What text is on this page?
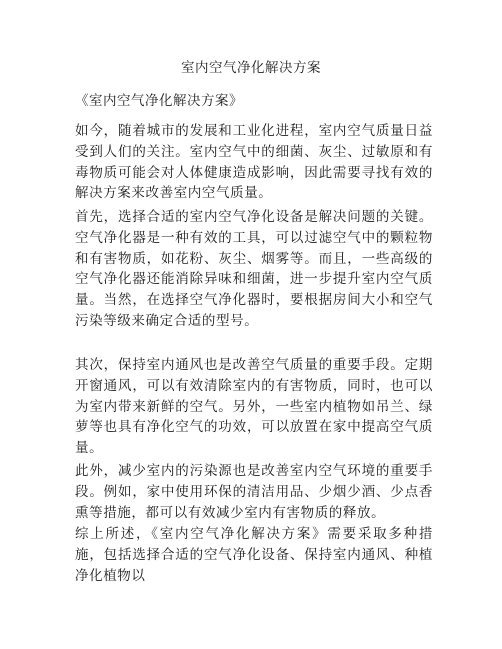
室内空气净化解决方案
《室内空气净化解决方案》

如今，随着城市的发展和工业化进程，室内空气质量日益受到人们的关注。室内空气中的细菌、灰尘、过敏原和有毒物质可能会对人体健康造成影响，因此需要寻找有效的解决方案来改善室内空气质量。

首先，选择合适的室内空气净化设备是解决问题的关键。空气净化器是一种有效的工具，可以过滤空气中的颗粒物和有害物质，如花粉、灰尘、烟雾等。而且，一些高级的空气净化器还能消除异味和细菌，进一步提升室内空气质量。当然，在选择空气净化器时，要根据房间大小和空气污染等级来确定合适的型号。

其次，保持室内通风也是改善空气质量的重要手段。定期开窗通风，可以有效清除室内的有害物质，同时，也可以为室内带来新鲜的空气。另外，一些室内植物如吊兰、绿萝等也具有净化空气的功效，可以放置在家中提高空气质量。

此外，减少室内的污染源也是改善室内空气环境的重要手段。例如，家中使用环保的清洁用品、少烟少酒、少点香熏等措施，都可以有效减少室内有害物质的释放。

综上所述，《室内空气净化解决方案》需要采取多种措施，包括选择合适的空气净化设备、保持室内通风、种植净化植物以
